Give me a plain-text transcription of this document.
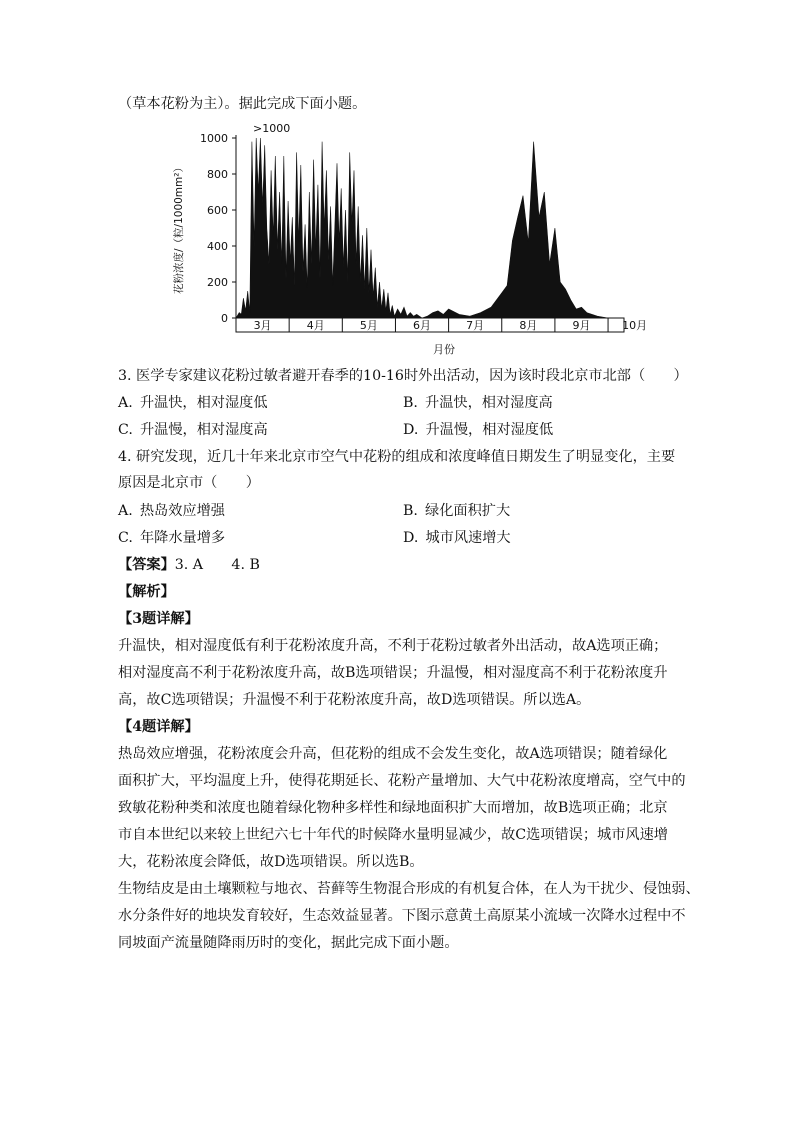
（草本花粉为主）。据此完成下面小题。
花粉浓度/（粒/1000mm²）
>1000
0
200
400
600
800
1000
3月	4月	5月	6月	7月	8月	9月	10月
月份
3. 医学专家建议花粉过敏者避开春季的10-16时外出活动，因为该时段北京市北部（　　）
A.  升温快，相对湿度低	B.  升温快，相对湿度高
C.  升温慢，相对湿度高	D.  升温慢，相对湿度低
4. 研究发现，近几十年来北京市空气中花粉的组成和浓度峰值日期发生了明显变化，主要
原因是北京市（　　）
A.  热岛效应增强	B.  绿化面积扩大
C.  年降水量增多	D.  城市风速增大
【答案】3. A　　4. B
【解析】
【3题详解】
升温快，相对湿度低有利于花粉浓度升高，不利于花粉过敏者外出活动，故A选项正确；
相对湿度高不利于花粉浓度升高，故B选项错误；升温慢，相对湿度高不利于花粉浓度升
高，故C选项错误；升温慢不利于花粉浓度升高，故D选项错误。所以选A。
【4题详解】
热岛效应增强，花粉浓度会升高，但花粉的组成不会发生变化，故A选项错误；随着绿化
面积扩大，平均温度上升，使得花期延长、花粉产量增加、大气中花粉浓度增高，空气中的
致敏花粉种类和浓度也随着绿化物种多样性和绿地面积扩大而增加，故B选项正确；北京
市自本世纪以来较上世纪六七十年代的时候降水量明显减少，故C选项错误；城市风速增
大，花粉浓度会降低，故D选项错误。所以选B。
生物结皮是由土壤颗粒与地衣、苔藓等生物混合形成的有机复合体，在人为干扰少、侵蚀弱、
水分条件好的地块发育较好，生态效益显著。下图示意黄土高原某小流域一次降水过程中不
同坡面产流量随降雨历时的变化，据此完成下面小题。
